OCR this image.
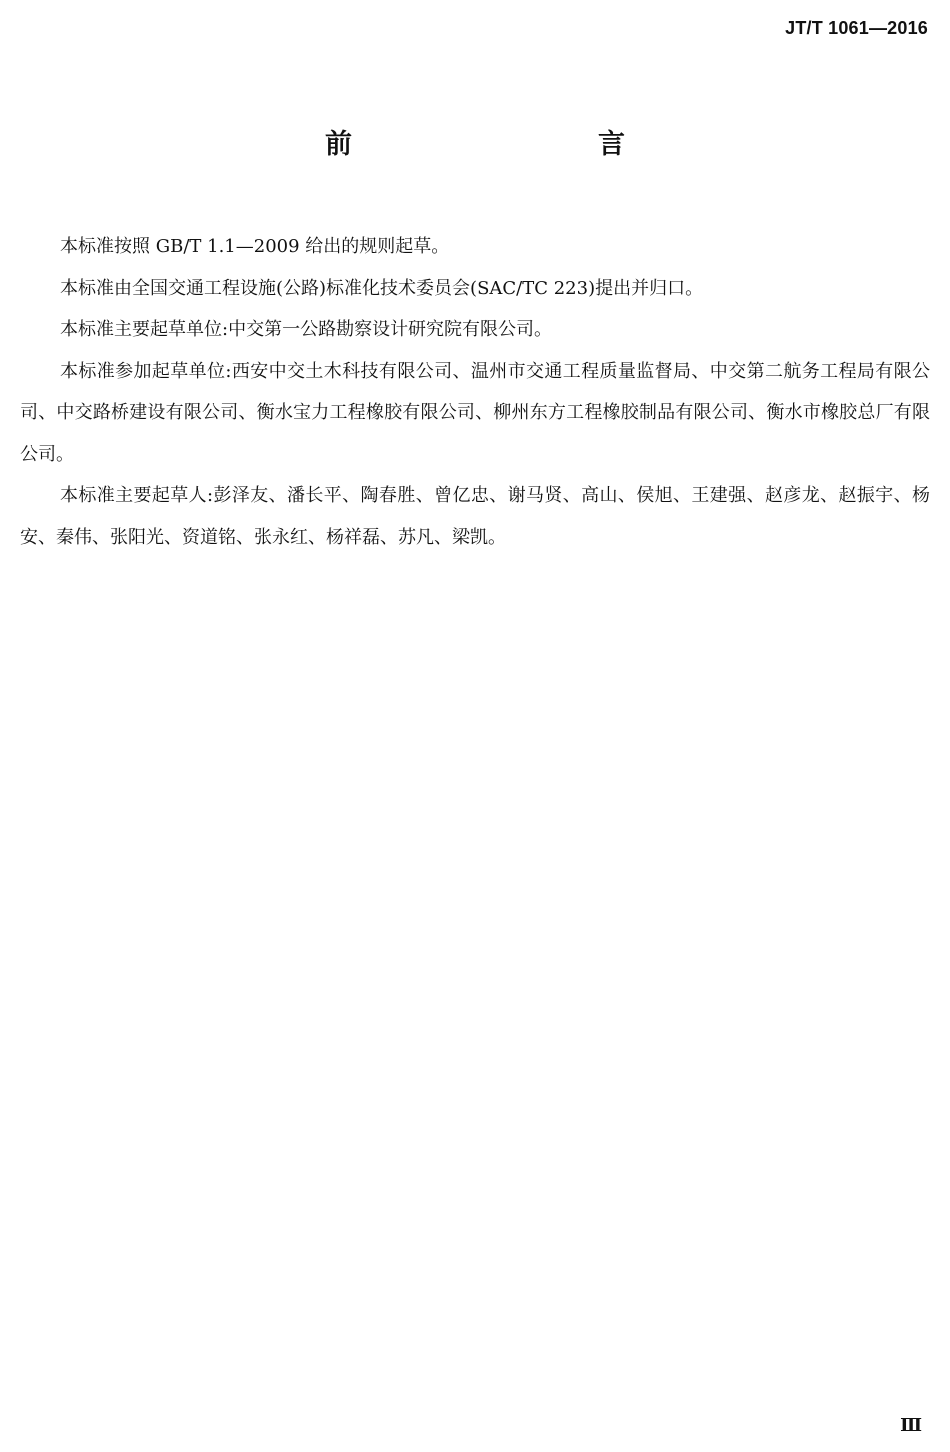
JT/T 1061—2016
前　　言

本标准按照 GB/T 1.1—2009 给出的规则起草。

本标准由全国交通工程设施(公路)标准化技术委员会(SAC/TC 223)提出并归口。

本标准主要起草单位:中交第一公路勘察设计研究院有限公司。

本标准参加起草单位:西安中交土木科技有限公司、温州市交通工程质量监督局、中交第二航务工程局有限公司、中交路桥建设有限公司、衡水宝力工程橡胶有限公司、柳州东方工程橡胶制品有限公司、衡水市橡胶总厂有限公司。

本标准主要起草人:彭泽友、潘长平、陶春胜、曾亿忠、谢马贤、高山、侯旭、王建强、赵彦龙、赵振宇、杨安、秦伟、张阳光、资道铭、张永红、杨祥磊、苏凡、梁凯。

Ⅲ
